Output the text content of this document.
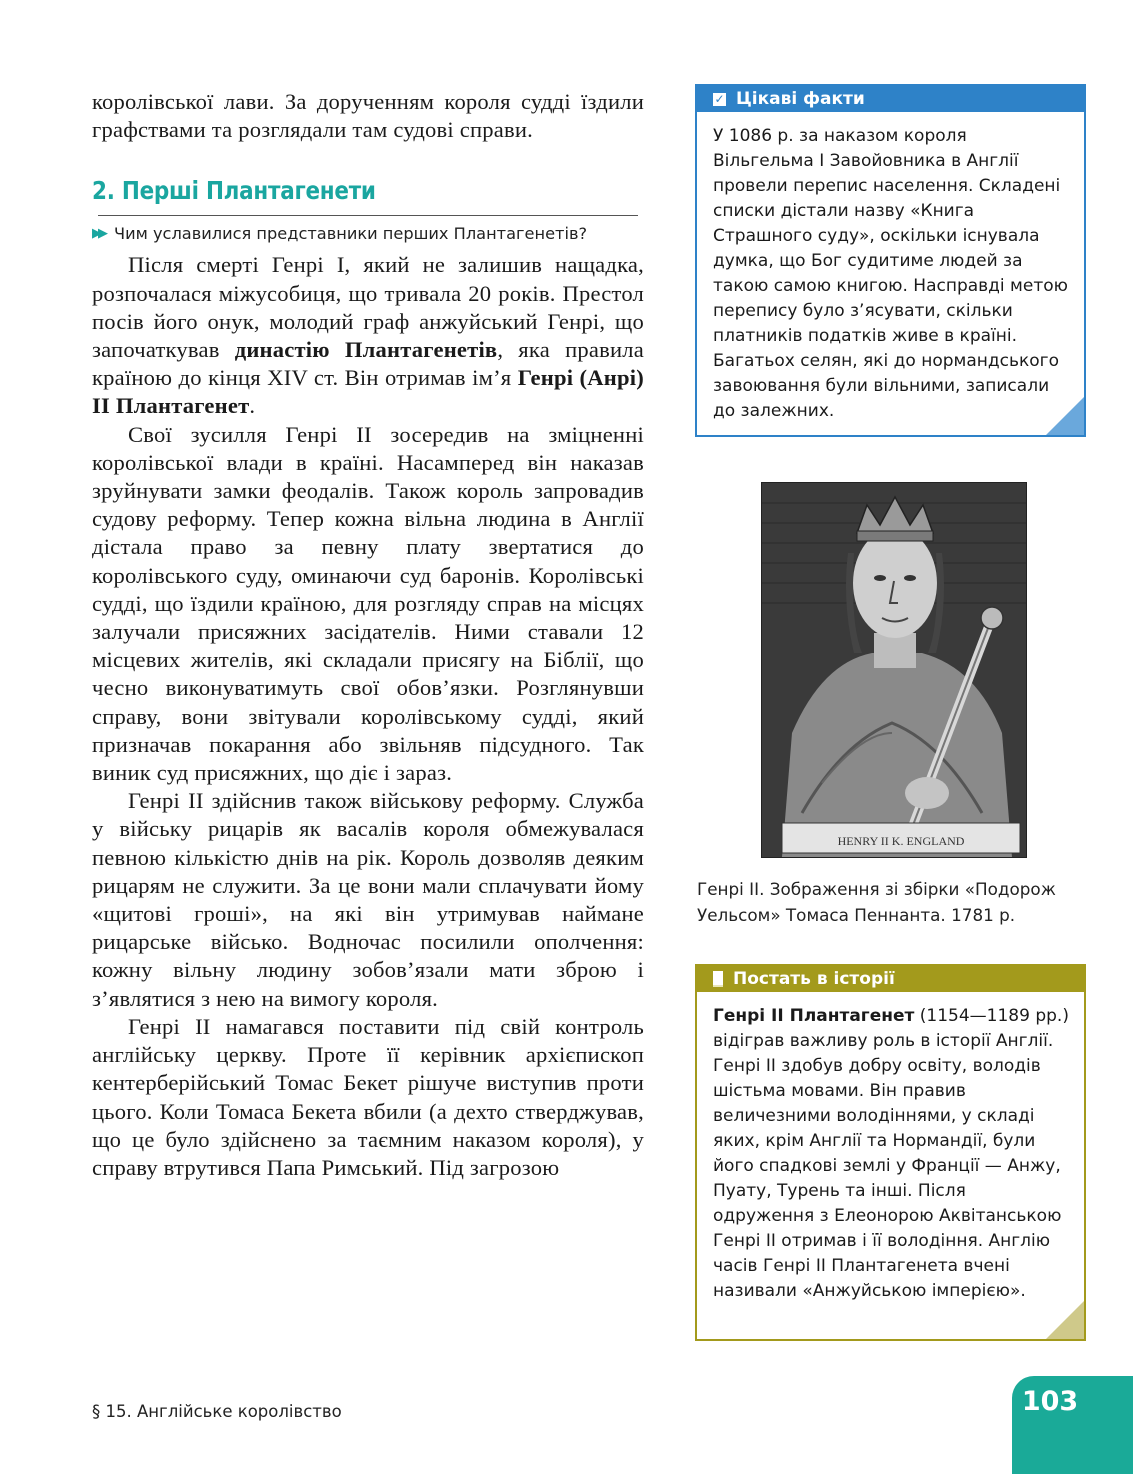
королівської лави. За дорученням короля судді їздили графствами та розглядали там судові справи.

2. Перші Плантагенети
▶▶ Чим уславилися представники перших Плантагенетів?

Після смерті Генрі I, який не залишив нащадка, розпочалася міжусобиця, що тривала 20 років. Престол посів його онук, молодий граф анжуйський Генрі, що започаткував династію Плантагенетів, яка правила країною до кінця XIV ст. Він отримав ім’я Генрі (Анрі) II Плантагенет.

Свої зусилля Генрі II зосередив на зміцненні королівської влади в країні. Насамперед він наказав зруйнувати замки феодалів. Також король запровадив судову реформу. Тепер кожна вільна людина в Англії дістала право за певну плату звертатися до королівського суду, оминаючи суд баронів. Королівські судді, що їздили країною, для розгляду справ на місцях залучали присяжних засідателів. Ними ставали 12 місцевих жителів, які складали присягу на Біблії, що чесно виконуватимуть свої обов’язки. Розглянувши справу, вони звітували королівському судді, який призначав покарання або звільняв підсудного. Так виник суд присяжних, що діє і зараз.

Генрі II здійснив також військову реформу. Служба у війську рицарів як васалів короля обмежувалася певною кількістю днів на рік. Король дозволяв деяким рицарям не служити. За це вони мали сплачувати йому «щитові гроші», на які він утримував наймане рицарське військо. Водночас посилили ополчення: кожну вільну людину зобов’язали мати зброю і з’являтися з нею на вимогу короля.

Генрі II намагався поставити під свій контроль англійську церкву. Проте її керівник архієпископ кентерберійський Томас Бекет рішуче виступив проти цього. Коли Томаса Бекета вбили (а дехто стверджував, що це було здійснено за таємним наказом короля), у справу втрутився Папа Римський. Під загрозою

✓ Цікаві факти
У 1086 р. за наказом короля Вільгельма I Завойовника в Англії провели перепис населення. Складені списки дістали назву «Книга Страшного суду», оскільки існувала думка, що Бог судитиме людей за такою самою книгою. Насправді метою перепису було з’ясувати, скільки платників податків живе в країні. Багатьох селян, які до нормандського завоювання були вільними, записали до залежних.
HENRY II K. ENGLAND
Генрі ІІ. Зображення зі збірки «Подорож Уельсом» Томаса Пеннанта. 1781 р.
Постать в історії
Генрі ІІ Плантагенет (1154—1189 рр.) відіграв важливу роль в історії Англії. Генрі ІІ здобув добру освіту, володів шістьма мовами. Він правив величезними володіннями, у складі яких, крім Англії та Нормандії, були його спадкові землі у Франції — Анжу, Пуату, Турень та інші. Після одруження з Елеонорою Аквітанською Генрі ІІ отримав і її володіння. Англію часів Генрі ІІ Плантагенета вчені називали «Анжуйською імперією».
§ 15. Англійське королівство	103
